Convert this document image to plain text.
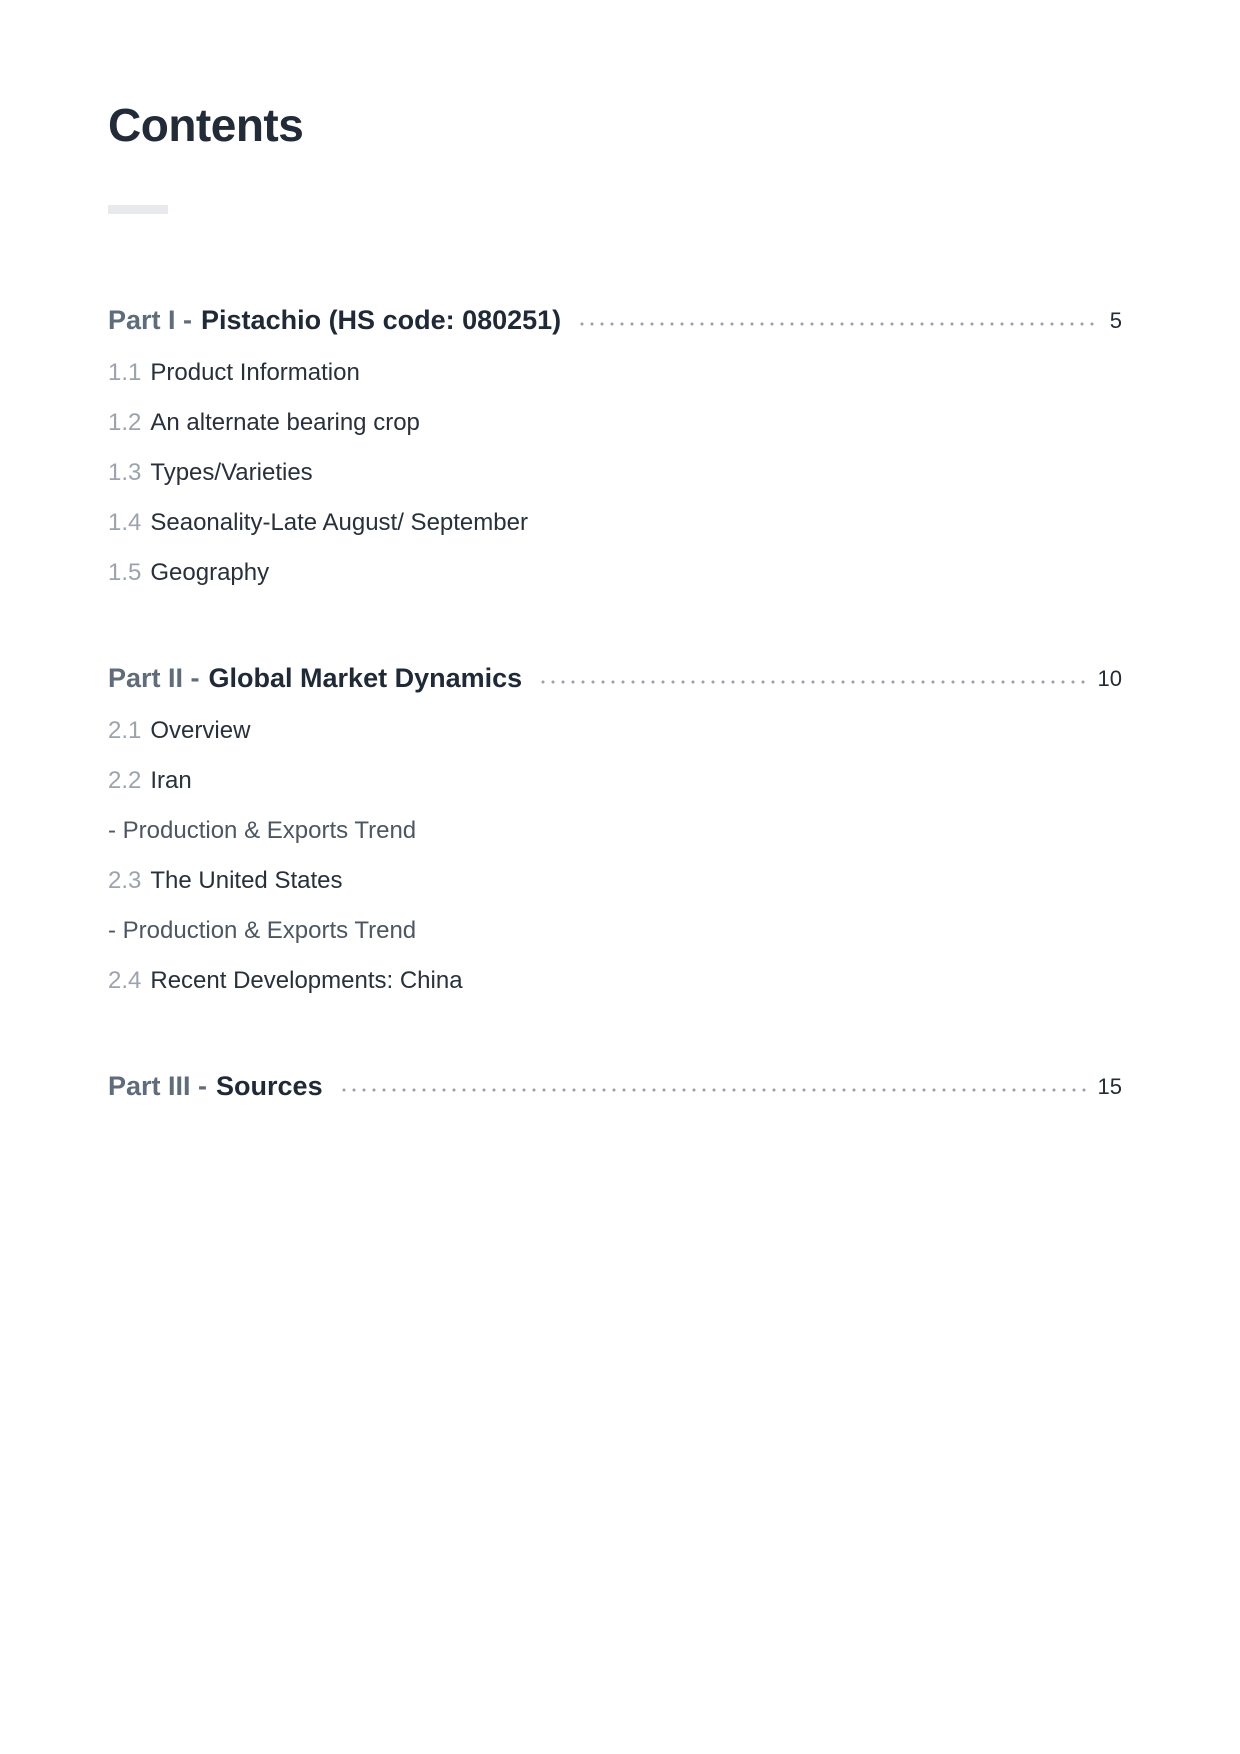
Contents
Part I - Pistachio (HS code: 080251)	5
1.1 Product Information
1.2 An alternate bearing crop
1.3 Types/Varieties
1.4 Seaonality-Late August/ September
1.5 Geography
Part II - Global Market Dynamics	10
2.1 Overview
2.2 Iran
- Production & Exports Trend
2.3 The United States
- Production & Exports Trend
2.4 Recent Developments: China
Part III - Sources	15
